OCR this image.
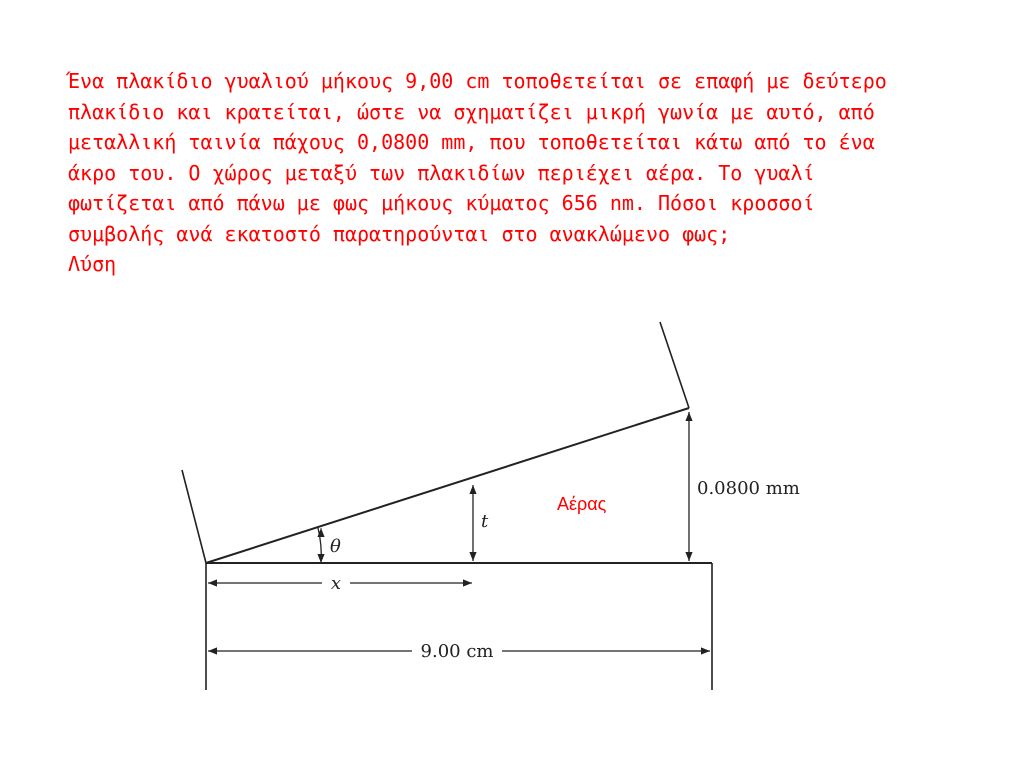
Ένα πλακίδιο γυαλιού μήκους 9,00 cm τοποθετείται σε επαφή με δεύτερο
πλακίδιο και κρατείται, ώστε να σχηματίζει μικρή γωνία με αυτό, από
μεταλλική ταινία πάχους 0,0800 mm, που τοποθετείται κάτω από το ένα
άκρο του. Ο χώρος μεταξύ των πλακιδίων περιέχει αέρα. Το γυαλί
φωτίζεται από πάνω με φως μήκους κύματος 656 nm. Πόσοι κροσσοί
συμβολής ανά εκατοστό παρατηρούνται στο ανακλώμενο φως;
Λύση
θ
t
0.0800 mm
x
9.00 cm
Αέρας
